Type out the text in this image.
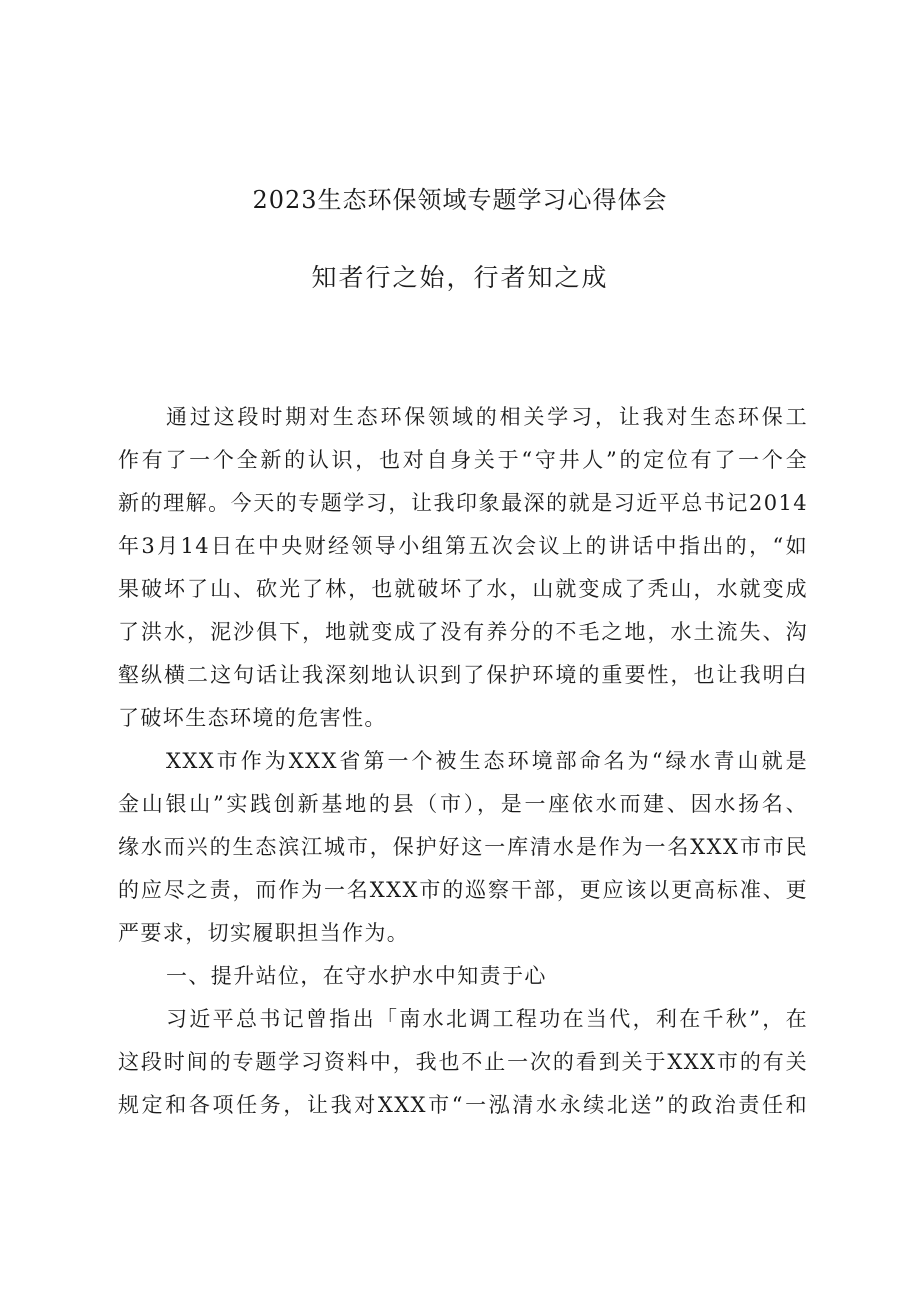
2023生态环保领域专题学习心得体会
知者行之始，行者知之成
通过这段时期对生态环保领域的相关学习，让我对生态环保工
作有了一个全新的认识，也对自身关于“守井人”的定位有了一个全
新的理解。今天的专题学习，让我印象最深的就是习近平总书记2014
年3月14日在中央财经领导小组第五次会议上的讲话中指出的，“如
果破坏了山、砍光了林，也就破坏了水，山就变成了秃山，水就变成
了洪水，泥沙俱下，地就变成了没有养分的不毛之地，水土流失、沟
壑纵横二这句话让我深刻地认识到了保护环境的重要性，也让我明白
了破坏生态环境的危害性。
XXX市作为XXX省第一个被生态环境部命名为“绿水青山就是
金山银山”实践创新基地的县（市），是一座依水而建、因水扬名、
缘水而兴的生态滨江城市，保护好这一库清水是作为一名XXX市市民
的应尽之责，而作为一名XXX市的巡察干部，更应该以更高标准、更
严要求，切实履职担当作为。
一、提升站位，在守水护水中知责于心
习近平总书记曾指出「南水北调工程功在当代，利在千秋”，在
这段时间的专题学习资料中，我也不止一次的看到关于XXX市的有关
规定和各项任务，让我对XXX市“一泓清水永续北送”的政治责任和
